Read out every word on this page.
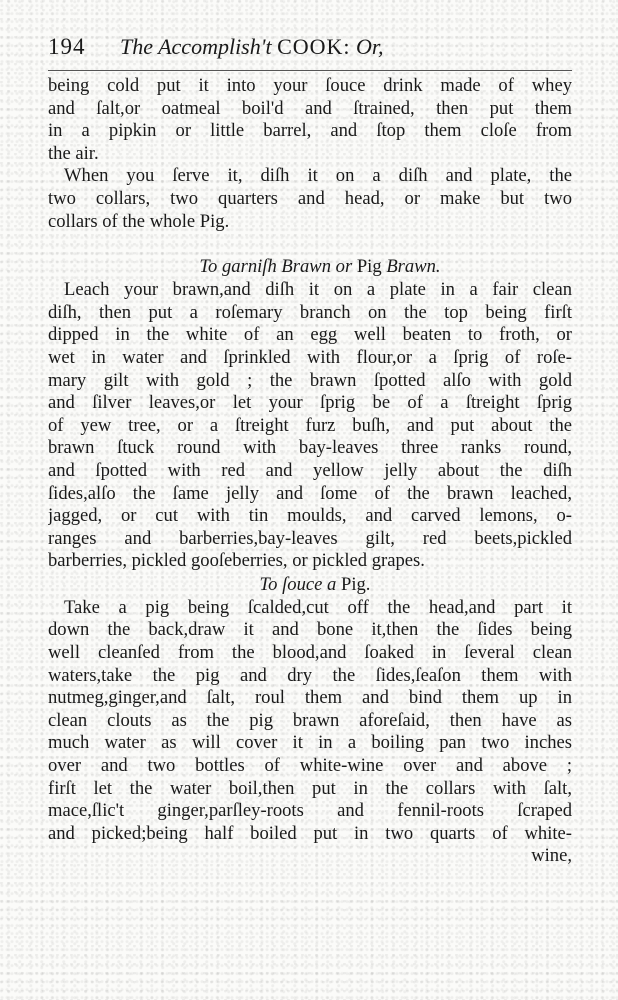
194	The Accomplish't COOK: Or,
being cold put it into your ſouce drink made of whey
and ſalt,or oatmeal boil'd and ſtrained, then put them
in a pipkin or little barrel, and ſtop them cloſe from
the air.
When you ſerve it, diſh it on a diſh and plate, the
two collars, two quarters and head, or make but two
collars of the whole Pig.
To garniſh Brawn or Pig Brawn.
Leach your brawn,and diſh it on a plate in a fair clean
diſh, then put a roſemary branch on the top being firſt
dipped in the white of an egg well beaten to froth, or
wet in water and ſprinkled with flour,or a ſprig of roſe-
mary gilt with gold ; the brawn ſpotted alſo with gold
and ſilver leaves,or let your ſprig be of a ſtreight ſprig
of yew tree, or a ſtreight furz buſh, and put about the
brawn ſtuck round with bay-leaves three ranks round,
and ſpotted with red and yellow jelly about the diſh
ſides,alſo the ſame jelly and ſome of the brawn leached,
jagged, or cut with tin moulds, and carved lemons, o-
ranges and barberries,bay-leaves gilt, red beets,pickled
barberries, pickled gooſeberries, or pickled grapes.
To ſouce a Pig.
Take a pig being ſcalded,cut off the head,and part it
down the back,draw it and bone it,then the ſides being
well cleanſed from the blood,and ſoaked in ſeveral clean
waters,take the pig and dry the ſides,ſeaſon them with
nutmeg,ginger,and ſalt, roul them and bind them up in
clean clouts as the pig brawn aforeſaid, then have as
much water as will cover it in a boiling pan two inches
over and two bottles of white-wine over and above ;
firſt let the water boil,then put in the collars with ſalt,
mace,ſlic't ginger,parſley-roots and fennil-roots ſcraped
and picked;being half boiled put in two quarts of white-
wine,
